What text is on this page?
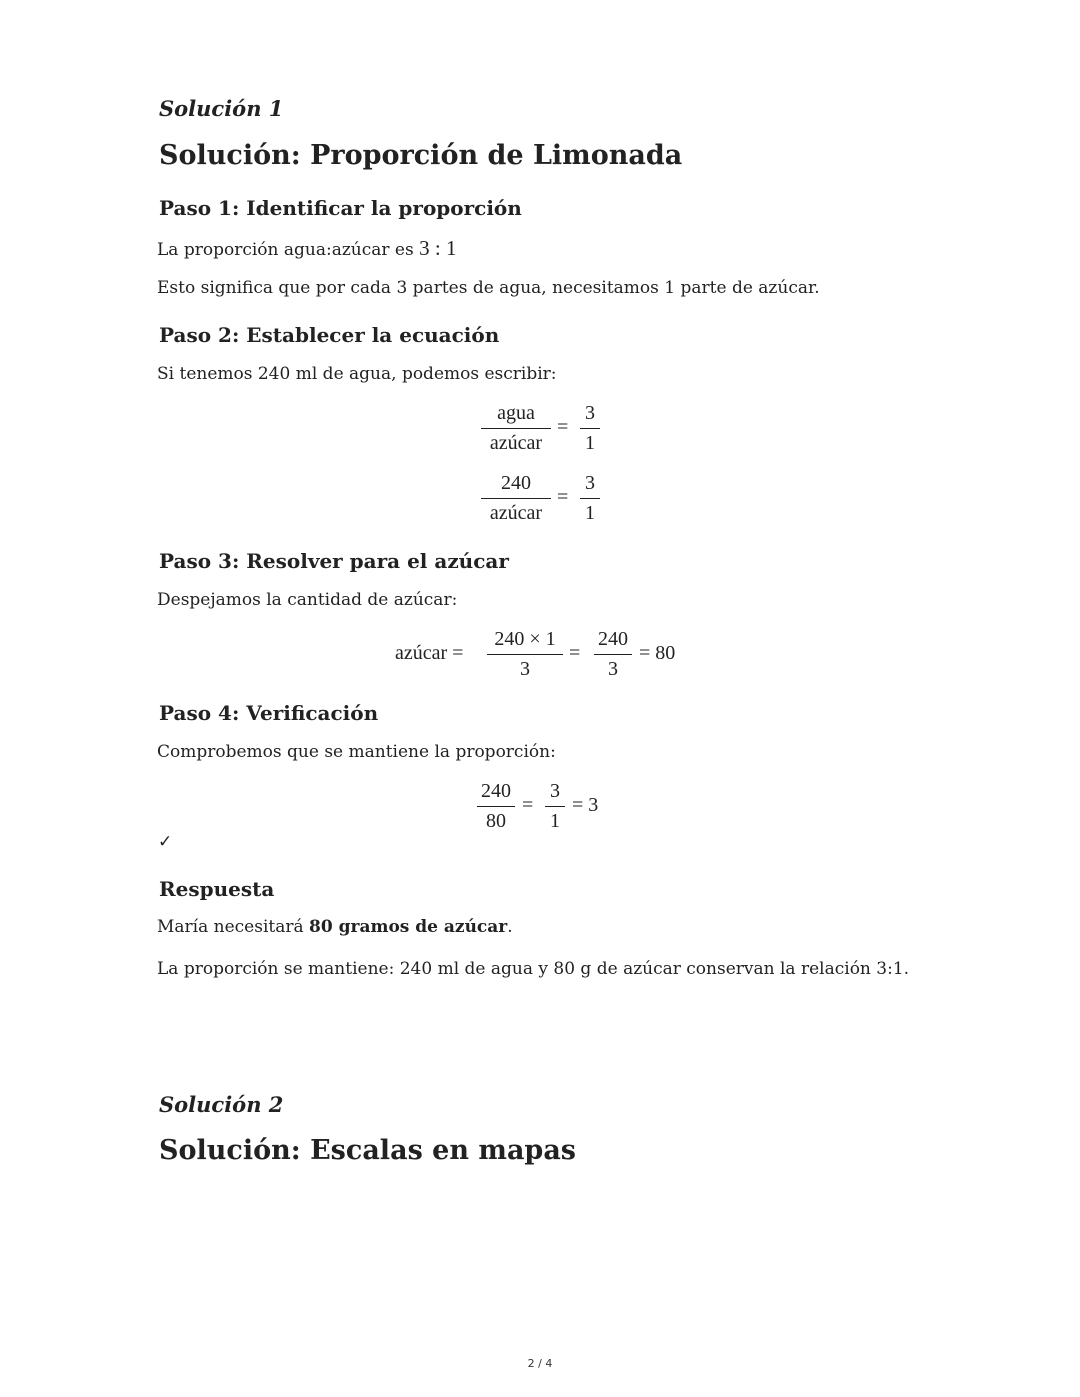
Solución 1
Solución: Proporción de Limonada
Paso 1: Identificar la proporción
La proporción agua:azúcar es 3 : 1
Esto significa que por cada 3 partes de agua, necesitamos 1 parte de azúcar.
Paso 2: Establecer la ecuación
Si tenemos 240 ml de agua, podemos escribir:
agua
azúcar
=
3
1
240
azúcar
=
3
1
Paso 3: Resolver para el azúcar
Despejamos la cantidad de azúcar:
azúcar =
240 × 1
3
=
240
3
= 80
Paso 4: Verificación
Comprobemos que se mantiene la proporción:
240
80
=
3
1
= 3
✓
Respuesta
María necesitará 80 gramos de azúcar.
La proporción se mantiene: 240 ml de agua y 80 g de azúcar conservan la relación 3:1.
Solución 2
Solución: Escalas en mapas
2 / 4
